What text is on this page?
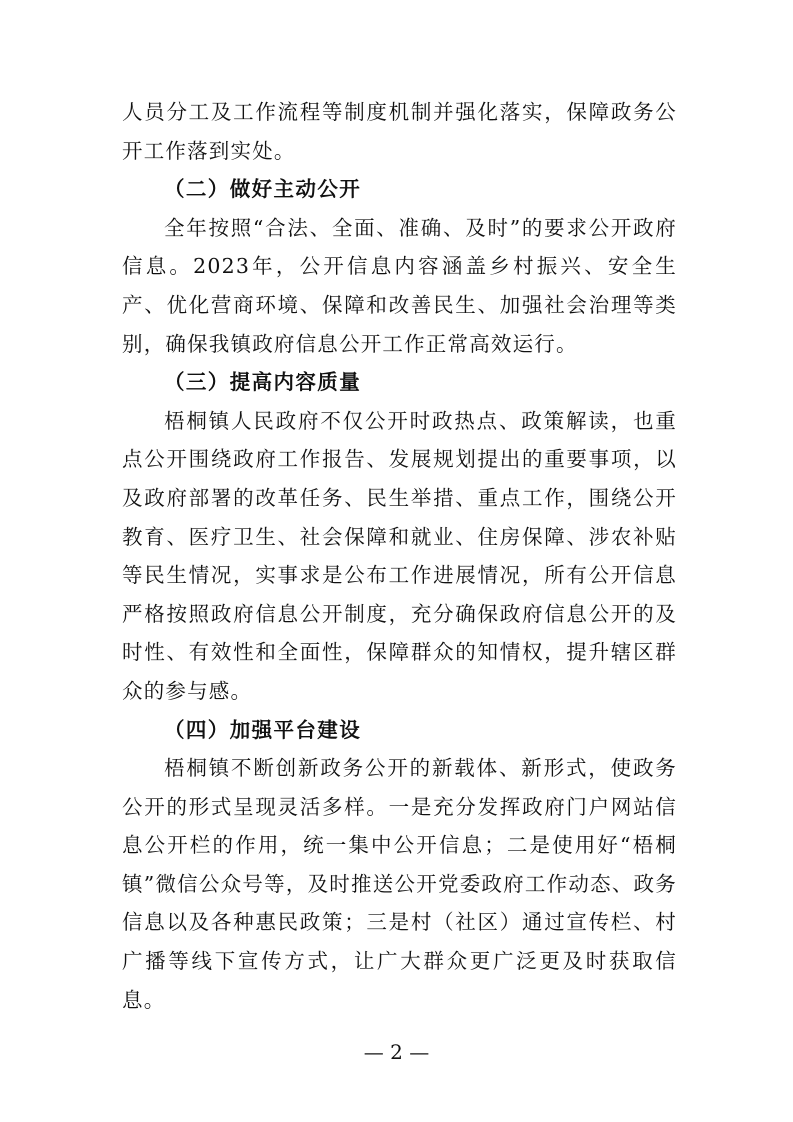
人员分工及工作流程等制度机制并强化落实，保障政务公开工作落到实处。

（二）做好主动公开

全年按照“合法、全面、准确、及时”的要求公开政府信息。2023年，公开信息内容涵盖乡村振兴、安全生产、优化营商环境、保障和改善民生、加强社会治理等类别，确保我镇政府信息公开工作正常高效运行。

（三）提高内容质量

梧桐镇人民政府不仅公开时政热点、政策解读，也重点公开围绕政府工作报告、发展规划提出的重要事项，以及政府部署的改革任务、民生举措、重点工作，围绕公开教育、医疗卫生、社会保障和就业、住房保障、涉农补贴等民生情况，实事求是公布工作进展情况，所有公开信息严格按照政府信息公开制度，充分确保政府信息公开的及时性、有效性和全面性，保障群众的知情权，提升辖区群众的参与感。

（四）加强平台建设

梧桐镇不断创新政务公开的新载体、新形式，使政务公开的形式呈现灵活多样。一是充分发挥政府门户网站信息公开栏的作用，统一集中公开信息；二是使用好“梧桐镇”微信公众号等，及时推送公开党委政府工作动态、政务信息以及各种惠民政策；三是村（社区）通过宣传栏、村广播等线下宣传方式，让广大群众更广泛更及时获取信息。

— 2 —
